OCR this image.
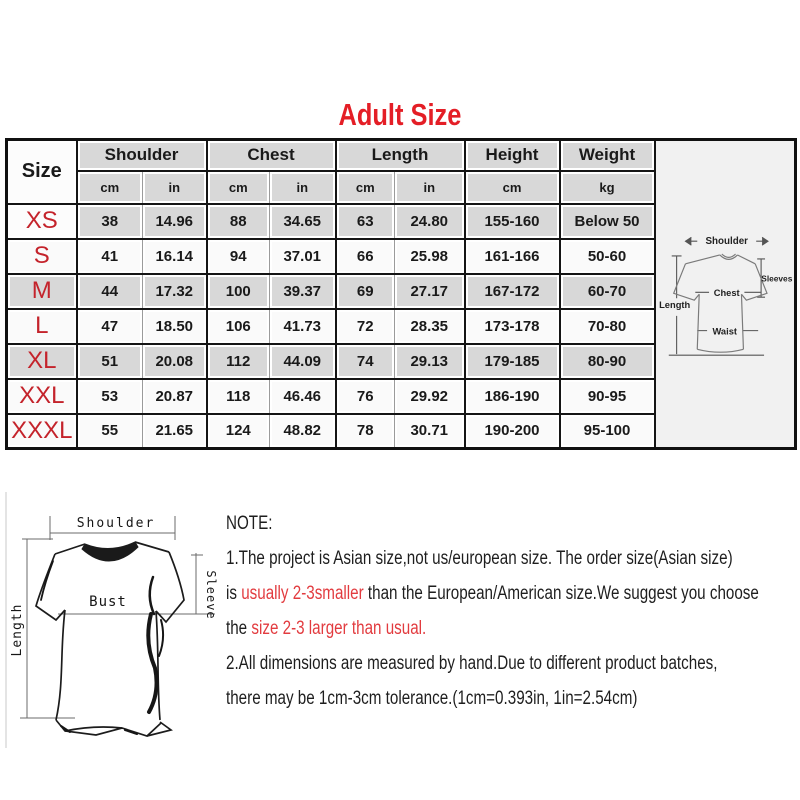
Adult Size
Size	Shoulder		Chest		Length		Height	Weight	Shoulder
Sleeves
Chest
Waist
Length

	cm	in	cm	in	cm	in	cm	kg	
XS	38	14.96	88	34.65	63	24.80	155-160	Below 50	
S	41	16.14	94	37.01	66	25.98	161-166	50-60	
M	44	17.32	100	39.37	69	27.17	167-172	60-70	
L	47	18.50	106	41.73	72	28.35	173-178	70-80	
XL	51	20.08	112	44.09	74	29.13	179-185	80-90	
XXL	53	20.87	118	46.46	76	29.92	186-190	90-95	
XXXL	55	21.65	124	48.82	78	30.71	190-200	95-100	
Shoulder
Bust
Length
Sleeve
NOTE:
1.The project is Asian size,not us/european size. The order size(Asian size)
is usually 2-3smaller than the European/American size.We suggest you choose
the size 2-3 larger than usual.
2.All dimensions are measured by hand.Due to different product batches,
there may be 1cm-3cm tolerance.(1cm=0.393in, 1in=2.54cm)
